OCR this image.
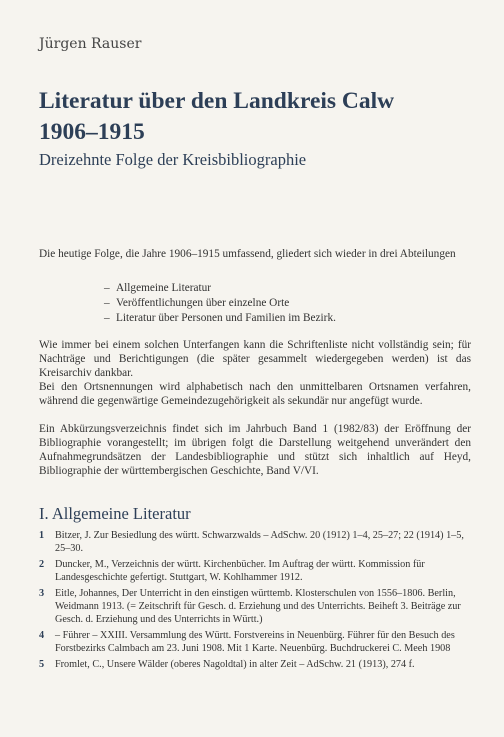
Jürgen Rauser
Literatur über den Landkreis Calw
1906–1915
Dreizehnte Folge der Kreisbibliographie

Die heutige Folge, die Jahre 1906–1915 umfassend, gliedert sich wieder in drei Abteilungen

– Allgemeine Literatur
– Veröffentlichungen über einzelne Orte
– Literatur über Personen und Familien im Bezirk.

Wie immer bei einem solchen Unterfangen kann die Schriftenliste nicht vollständig sein; für Nachträge und Berichtigungen (die später gesammelt wiedergegeben werden) ist das Kreisarchiv dankbar.

Bei den Ortsnennungen wird alphabetisch nach den unmittelbaren Ortsnamen verfahren, während die gegenwärtige Gemeindezugehörigkeit als sekundär nur angefügt wurde.

Ein Abkürzungsverzeichnis findet sich im Jahrbuch Band 1 (1982/83) der Eröffnung der Bibliographie vorangestellt; im übrigen folgt die Darstellung weitgehend unverändert den Aufnahmegrundsätzen der Landesbibliographie und stützt sich inhaltlich auf Heyd, Bibliographie der württembergischen Geschichte, Band V/VI.

I. Allgemeine Literatur
1 Bitzer, J. Zur Besiedlung des württ. Schwarzwalds – AdSchw. 20 (1912) 1–4, 25–27; 22 (1914) 1–5, 25–30.
2 Duncker, M., Verzeichnis der württ. Kirchenbücher. Im Auftrag der württ. Kommission für Landesgeschichte gefertigt. Stuttgart, W. Kohlhammer 1912.
3 Eitle, Johannes, Der Unterricht in den einstigen württemb. Klosterschulen von 1556–1806. Berlin, Weidmann 1913. (= Zeitschrift für Gesch. d. Erziehung und des Unterrichts. Beiheft 3. Beiträge zur Gesch. d. Erziehung und des Unterrichts in Württ.)
4 – Führer – XXIII. Versammlung des Württ. Forstvereins in Neuenbürg. Führer für den Besuch des Forstbezirks Calmbach am 23. Juni 1908. Mit 1 Karte. Neuenbürg. Buchdruckerei C. Meeh 1908
5 Fromlet, C., Unsere Wälder (oberes Nagoldtal) in alter Zeit – AdSchw. 21 (1913), 274 f.
